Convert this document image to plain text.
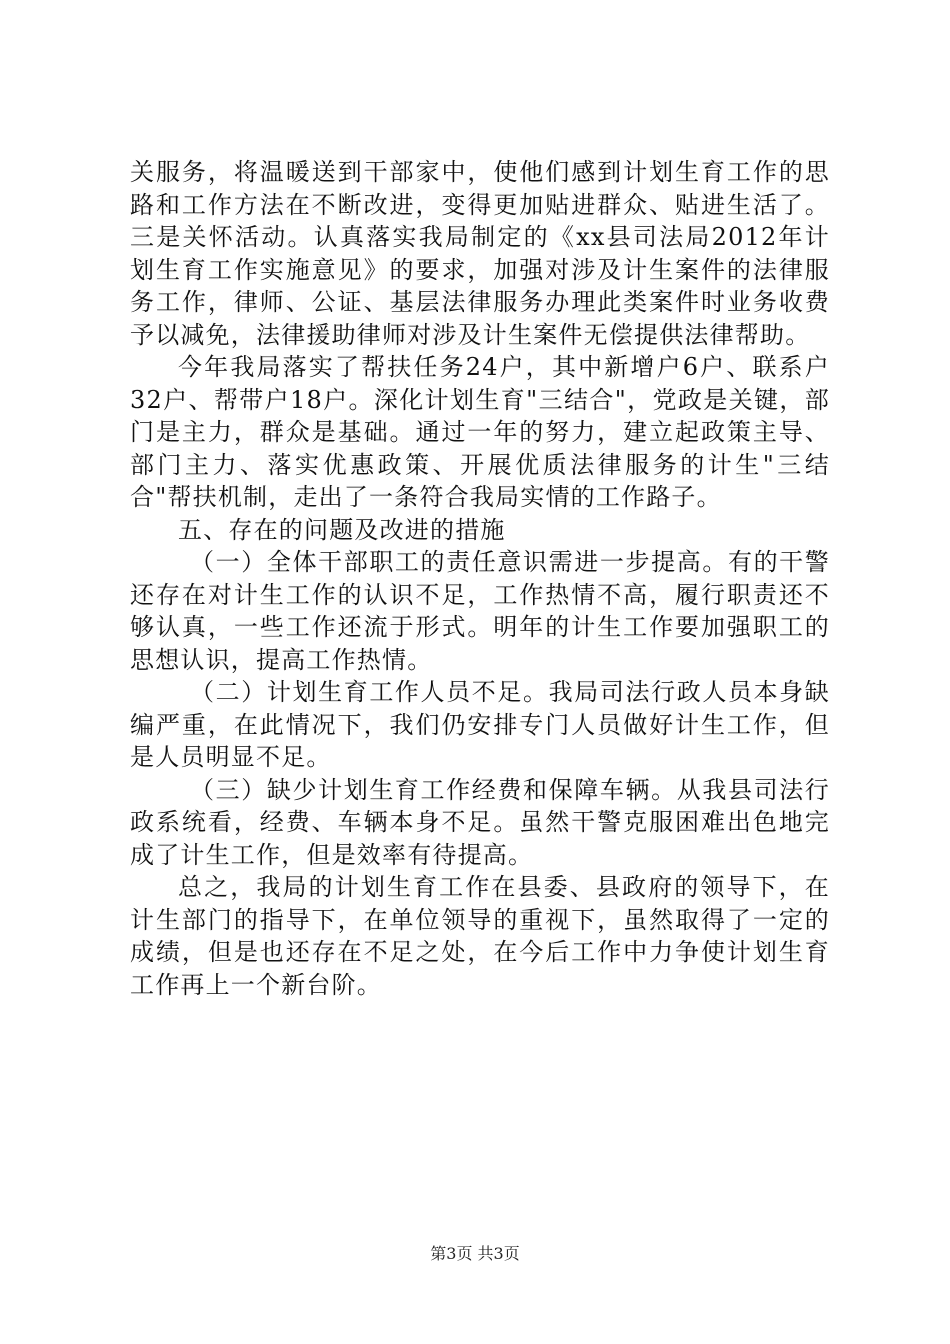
关服务，将温暖送到干部家中，使他们感到计划生育工作的思路和工作方法在不断改进，变得更加贴进群众、贴进生活了。三是关怀活动。认真落实我局制定的《xx县司法局2012年计划生育工作实施意见》的要求，加强对涉及计生案件的法律服务工作，律师、公证、基层法律服务办理此类案件时业务收费予以减免，法律援助律师对涉及计生案件无偿提供法律帮助。

今年我局落实了帮扶任务24户，其中新增户6户、联系户32户、帮带户18户。深化计划生育"三结合"，党政是关键，部门是主力，群众是基础。通过一年的努力，建立起政策主导、部门主力、落实优惠政策、开展优质法律服务的计生"三结合"帮扶机制，走出了一条符合我局实情的工作路子。

五、存在的问题及改进的措施

（一）全体干部职工的责任意识需进一步提高。有的干警还存在对计生工作的认识不足，工作热情不高，履行职责还不够认真，一些工作还流于形式。明年的计生工作要加强职工的思想认识，提高工作热情。

（二）计划生育工作人员不足。我局司法行政人员本身缺编严重，在此情况下，我们仍安排专门人员做好计生工作，但是人员明显不足。

（三）缺少计划生育工作经费和保障车辆。从我县司法行政系统看，经费、车辆本身不足。虽然干警克服困难出色地完成了计生工作，但是效率有待提高。

总之，我局的计划生育工作在县委、县政府的领导下，在计生部门的指导下，在单位领导的重视下，虽然取得了一定的成绩，但是也还存在不足之处，在今后工作中力争使计划生育工作再上一个新台阶。

第3页 共3页
